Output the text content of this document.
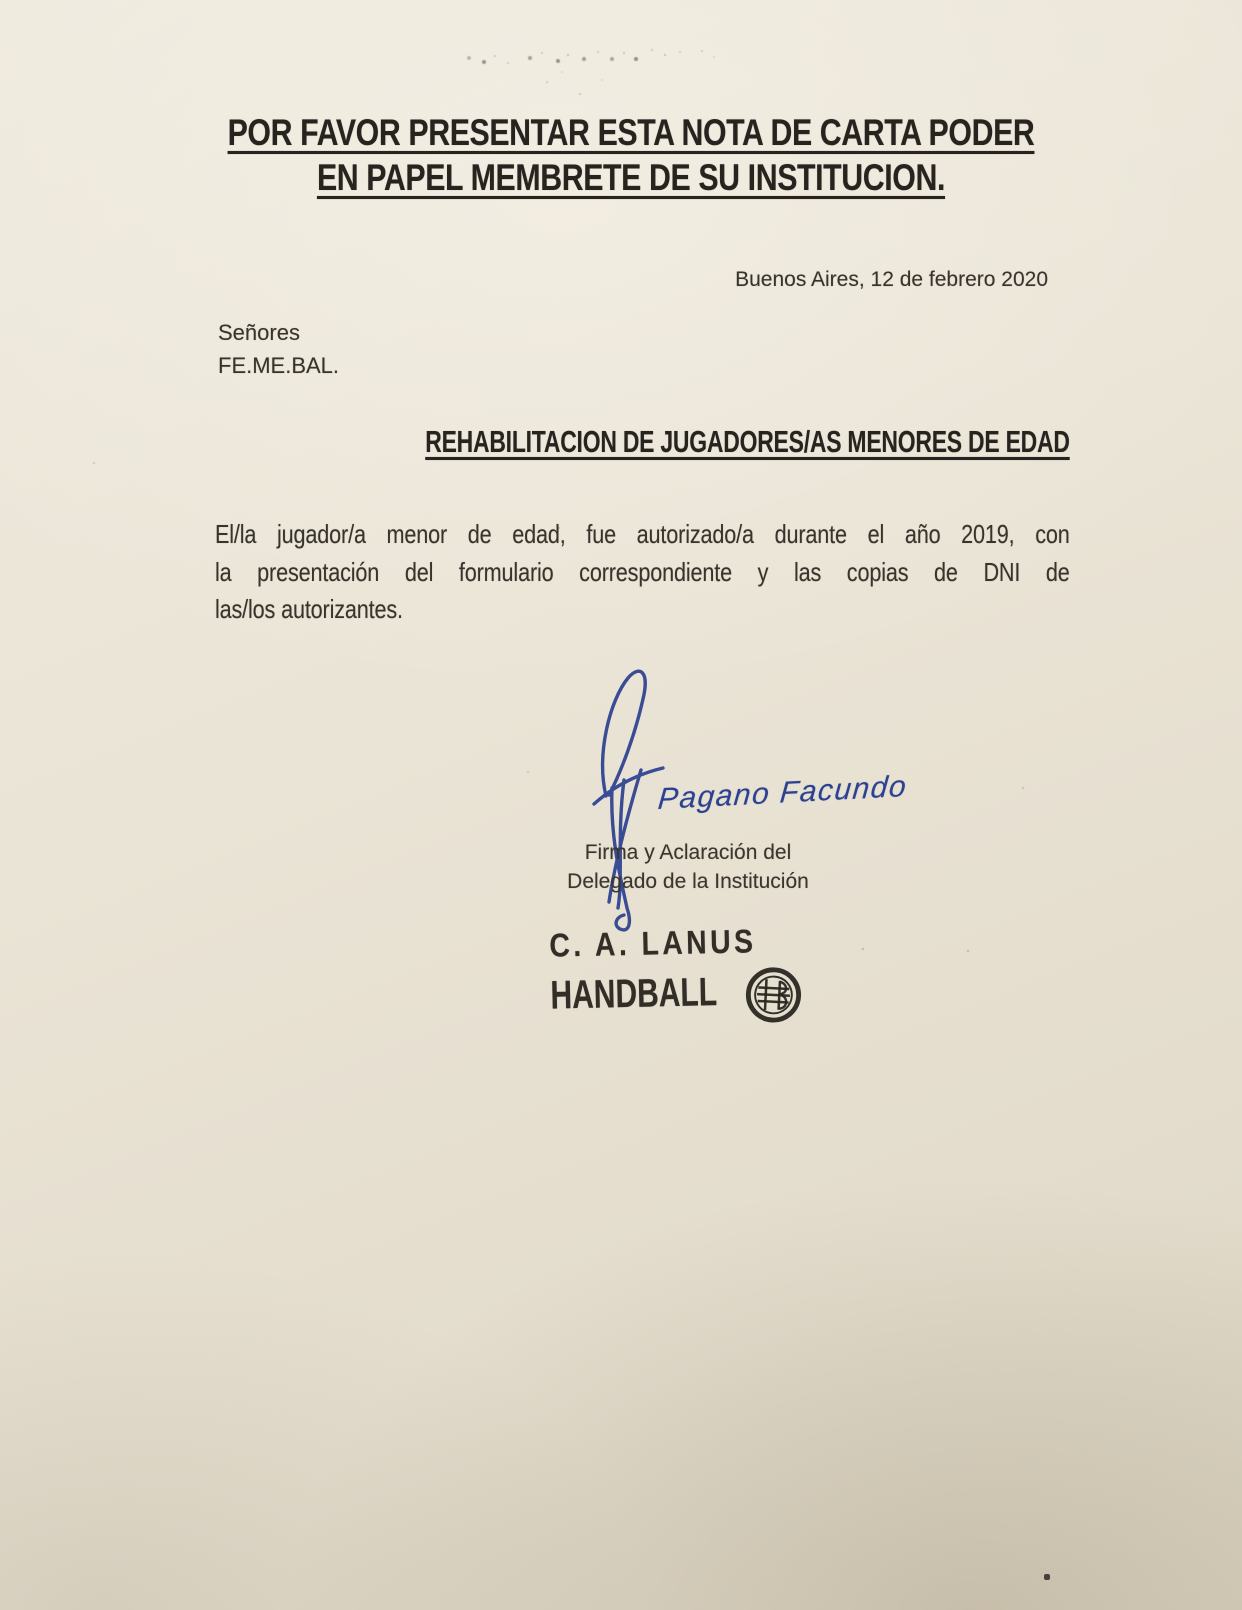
POR FAVOR PRESENTAR ESTA NOTA DE CARTA PODER
EN PAPEL MEMBRETE DE SU INSTITUCION.
Buenos Aires, 12 de febrero 2020
Señores
FE.ME.BAL.
REHABILITACION DE JUGADORES/AS MENORES DE EDAD
El/la jugador/a menor de edad, fue autorizado/a durante el año 2019, con
la presentación del formulario correspondiente y las copias de DNI de
las/los autorizantes.
Pagano Facundo
Firma y Aclaración del
Delegado de la Institución
C. A. LANUS
HANDBALL
